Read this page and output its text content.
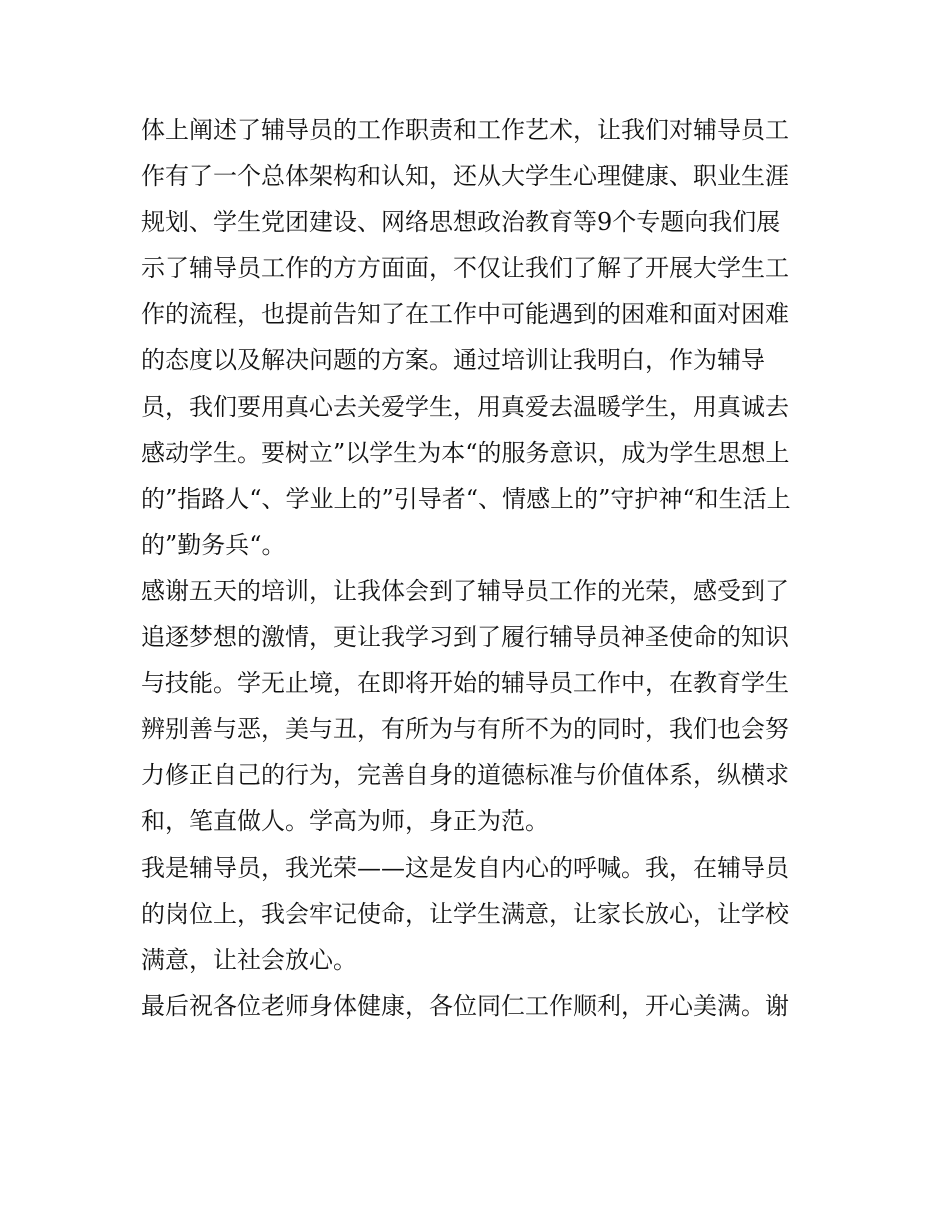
体上阐述了辅导员的工作职责和工作艺术，让我们对辅导员工
作有了一个总体架构和认知，还从大学生心理健康、职业生涯
规划、学生党团建设、网络思想政治教育等9个专题向我们展
示了辅导员工作的方方面面，不仅让我们了解了开展大学生工
作的流程，也提前告知了在工作中可能遇到的困难和面对困难
的态度以及解决问题的方案。通过培训让我明白，作为辅导
员，我们要用真心去关爱学生，用真爱去温暖学生，用真诚去
感动学生。要树立”以学生为本“的服务意识，成为学生思想上
的”指路人“、学业上的”引导者“、情感上的”守护神“和生活上
的”勤务兵“。
感谢五天的培训，让我体会到了辅导员工作的光荣，感受到了
追逐梦想的激情，更让我学习到了履行辅导员神圣使命的知识
与技能。学无止境，在即将开始的辅导员工作中，在教育学生
辨别善与恶，美与丑，有所为与有所不为的同时，我们也会努
力修正自己的行为，完善自身的道德标准与价值体系，纵横求
和，笔直做人。学高为师，身正为范。
我是辅导员，我光荣——这是发自内心的呼喊。我，在辅导员
的岗位上，我会牢记使命，让学生满意，让家长放心，让学校
满意，让社会放心。
最后祝各位老师身体健康，各位同仁工作顺利，开心美满。谢
